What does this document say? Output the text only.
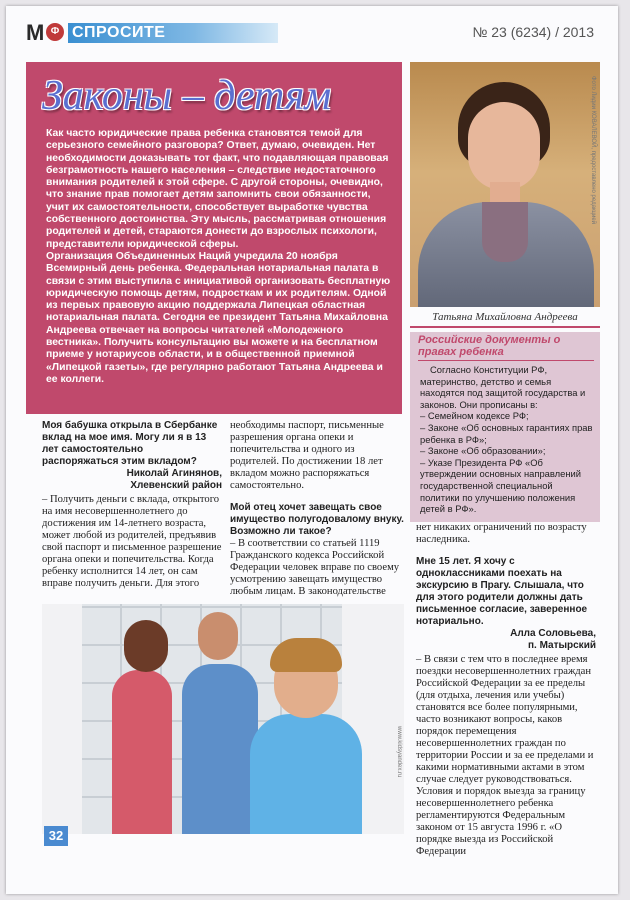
М Ф СПРОСИТЕ	№ 23 (6234) / 2013
Законы – детям

Как часто юридические права ребенка становятся темой для серьезного семейного разговора? Ответ, думаю, очевиден. Нет необходимости доказывать тот факт, что подавляющая правовая безграмотность нашего населения – следствие недостаточного внимания родителей к этой сфере. С другой стороны, очевидно, что знание прав помогает детям запомнить свои обязанности, учит их самостоятельности, способствует выработке чувства собственного достоинства. Эту мысль, рассматривая отношения родителей и детей, стараются донести до взрослых психологи, представители юридической сферы.

Организация Объединенных Наций учредила 20 ноября Всемирный день ребенка. Федеральная нотариальная палата в связи с этим выступила с инициативой организовать бесплатную юридическую помощь детям, подросткам и их родителям. Одной из первых правовую акцию поддержала Липецкая областная нотариальная палата. Сегодня ее президент Татьяна Михайловна Андреева отвечает на вопросы читателей «Молодежного вестника». Получить консультацию вы можете и на бесплатном приеме у нотариусов области, и в общественной приемной «Липецкой газеты», где регулярно работают Татьяна Андреева и ее коллеги.

Фото Лидии КОВАЛЕВОЙ, предоставлено редакцией
Татьяна Михайловна Андреева
Российские документы о правах ребенка

Согласно Конституции РФ, материнство, детство и семья находятся под защитой государства и законов. Они прописаны в:

– Семейном кодексе РФ;

– Законе «Об основных гарантиях прав ребенка в РФ»;

– Законе «Об образовании»;

– Указе Президента РФ «Об утверждении основных направлений государственной специальной политики по улучшению положения детей в РФ».

Моя бабушка открыла в Сбербанке вклад на мое имя. Могу ли я в 13 лет самостоятельно распоряжаться этим вкладом?

Николай Агинянов,

Хлевенский район

– Получить деньги с вклада, открытого на имя несовершеннолетнего до достижения им 14-летнего возраста, может любой из родителей, предъявив свой паспорт и письменное разрешение органа опеки и попечительства. Когда ребенку исполнится 14 лет, он сам вправе получить деньги. Для этого

необходимы паспорт, письменные разрешения органа опеки и попечительства и одного из родителей. По достижении 18 лет вкладом можно распоряжаться самостоятельно.

Мой отец хочет завещать свое имущество полугодовалому внуку. Возможно ли такое?

– В соответствии со статьей 1119 Гражданского кодекса Российской Федерации человек вправе по своему усмотрению завещать имущество любым лицам. В законодательстве

нет никаких ограничений по возрасту наследника.

Мне 15 лет. Я хочу с одноклассниками поехать на экскурсию в Прагу. Слышала, что для этого родители должны дать письменное согласие, заверенное нотариально.

Алла Соловьева,

п. Матырский

– В связи с тем что в последнее время поездки несовершеннолетних граждан Российской Федерации за ее пределы (для отдыха, лечения или учебы) становятся все более популярными, часто возникают вопросы, каков порядок перемещения несовершеннолетних граждан по территории России и за ее пределами и какими нормативными актами в этом случае следует руководствоваться. Условия и порядок выезда за границу несовершеннолетнего ребенка регламентируются Федеральным законом от 15 августа 1996 г. «О порядке выезда из Российской Федерации

www.kidsyandex.ru
32
